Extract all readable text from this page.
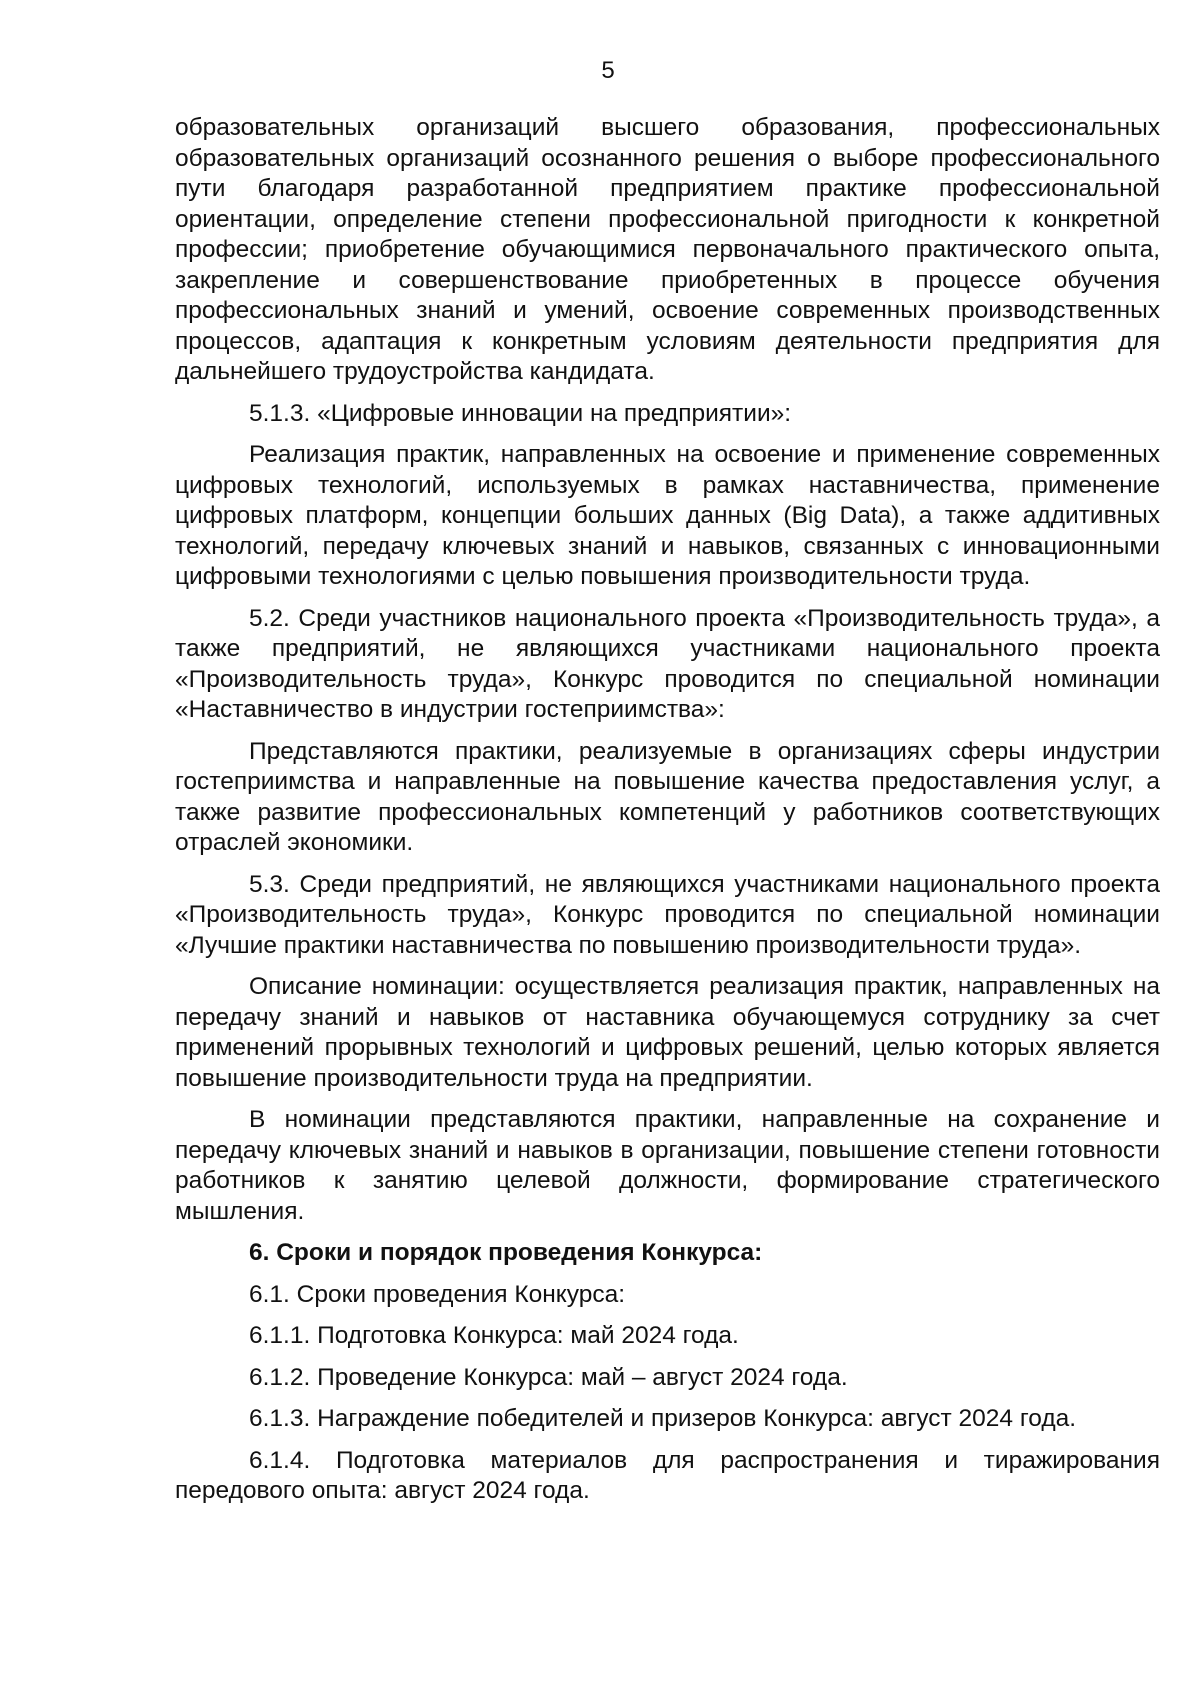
5

образовательных организаций высшего образования, профессиональных образовательных организаций осознанного решения о выборе профессионального пути благодаря разработанной предприятием практике профессиональной ориентации, определение степени профессиональной пригодности к конкретной профессии; приобретение обучающимися первоначального практического опыта, закрепление и совершенствование приобретенных в процессе обучения профессиональных знаний и умений, освоение современных производственных процессов, адаптация к конкретным условиям деятельности предприятия для дальнейшего трудоустройства кандидата.

5.1.3. «Цифровые инновации на предприятии»:

Реализация практик, направленных на освоение и применение современных цифровых технологий, используемых в рамках наставничества, применение цифровых платформ, концепции больших данных (Big Data), а также аддитивных технологий, передачу ключевых знаний и навыков, связанных с инновационными цифровыми технологиями с целью повышения производительности труда.

5.2. Среди участников национального проекта «Производительность труда», а также предприятий, не являющихся участниками национального проекта «Производительность труда», Конкурс проводится по специальной номинации «Наставничество в индустрии гостеприимства»:

Представляются практики, реализуемые в организациях сферы индустрии гостеприимства и направленные на повышение качества предоставления услуг, а также развитие профессиональных компетенций у работников соответствующих отраслей экономики.

5.3. Среди предприятий, не являющихся участниками национального проекта «Производительность труда», Конкурс проводится по специальной номинации «Лучшие практики наставничества по повышению производительности труда».

Описание номинации: осуществляется реализация практик, направленных на передачу знаний и навыков от наставника обучающемуся сотруднику за счет применений прорывных технологий и цифровых решений, целью которых является повышение производительности труда на предприятии.

В номинации представляются практики, направленные на сохранение и передачу ключевых знаний и навыков в организации, повышение степени готовности работников к занятию целевой должности, формирование стратегического мышления.

6. Сроки и порядок проведения Конкурса:

6.1. Сроки проведения Конкурса:

6.1.1. Подготовка Конкурса: май 2024 года.

6.1.2. Проведение Конкурса: май – август 2024 года.

6.1.3. Награждение победителей и призеров Конкурса: август 2024 года.

6.1.4. Подготовка материалов для распространения и тиражирования передового опыта: август 2024 года.
